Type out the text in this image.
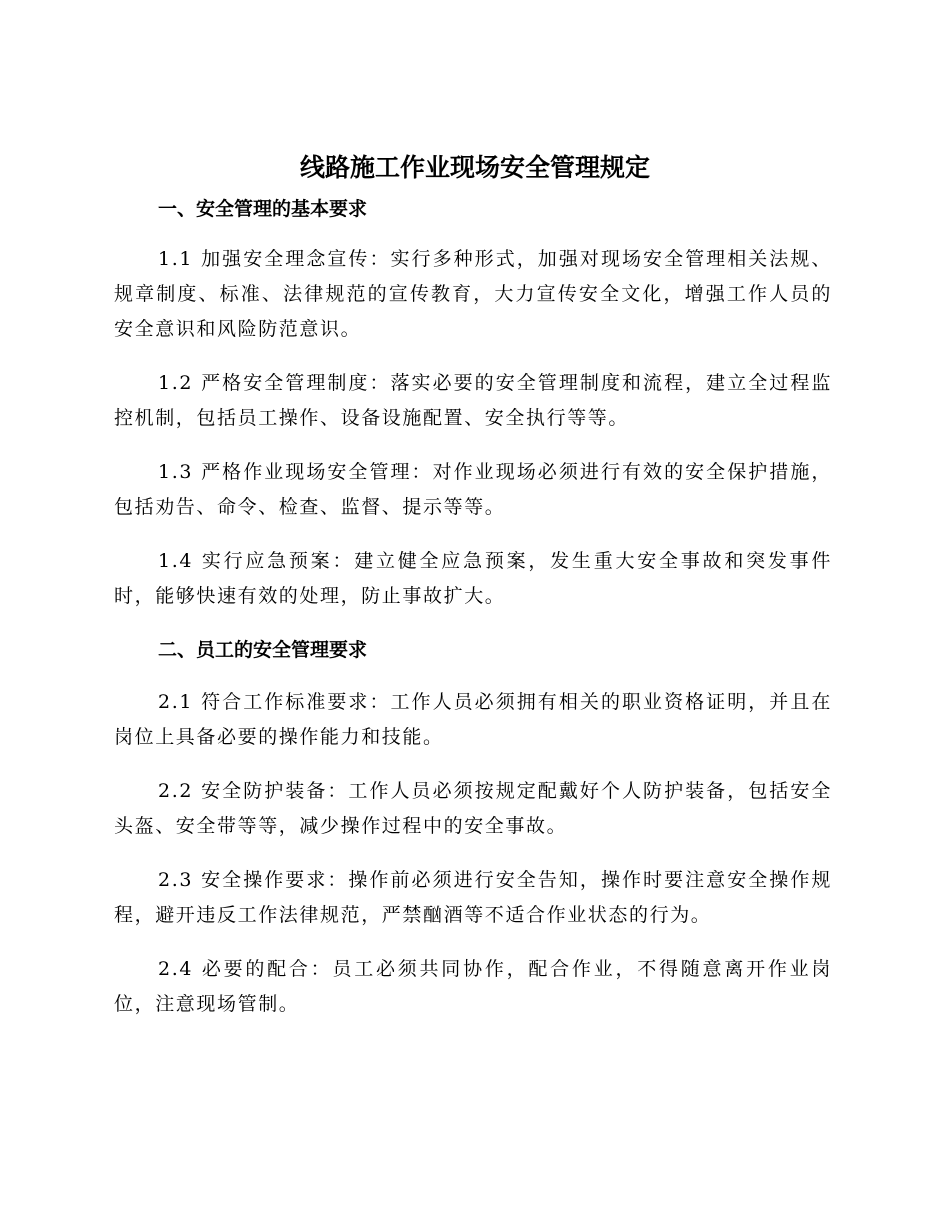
线路施工作业现场安全管理规定
一、安全管理的基本要求

1.1 加强安全理念宣传：实行多种形式，加强对现场安全管理相关法规、规章制度、标准、法律规范的宣传教育，大力宣传安全文化，增强工作人员的安全意识和风险防范意识。

1.2 严格安全管理制度：落实必要的安全管理制度和流程，建立全过程监控机制，包括员工操作、设备设施配置、安全执行等等。

1.3 严格作业现场安全管理：对作业现场必须进行有效的安全保护措施，包括劝告、命令、检查、监督、提示等等。

1.4 实行应急预案：建立健全应急预案，发生重大安全事故和突发事件时，能够快速有效的处理，防止事故扩大。

二、员工的安全管理要求

2.1 符合工作标准要求：工作人员必须拥有相关的职业资格证明，并且在岗位上具备必要的操作能力和技能。

2.2 安全防护装备：工作人员必须按规定配戴好个人防护装备，包括安全头盔、安全带等等，减少操作过程中的安全事故。

2.3 安全操作要求：操作前必须进行安全告知，操作时要注意安全操作规程，避开违反工作法律规范，严禁酗酒等不适合作业状态的行为。

2.4 必要的配合：员工必须共同协作，配合作业，不得随意离开作业岗位，注意现场管制。
